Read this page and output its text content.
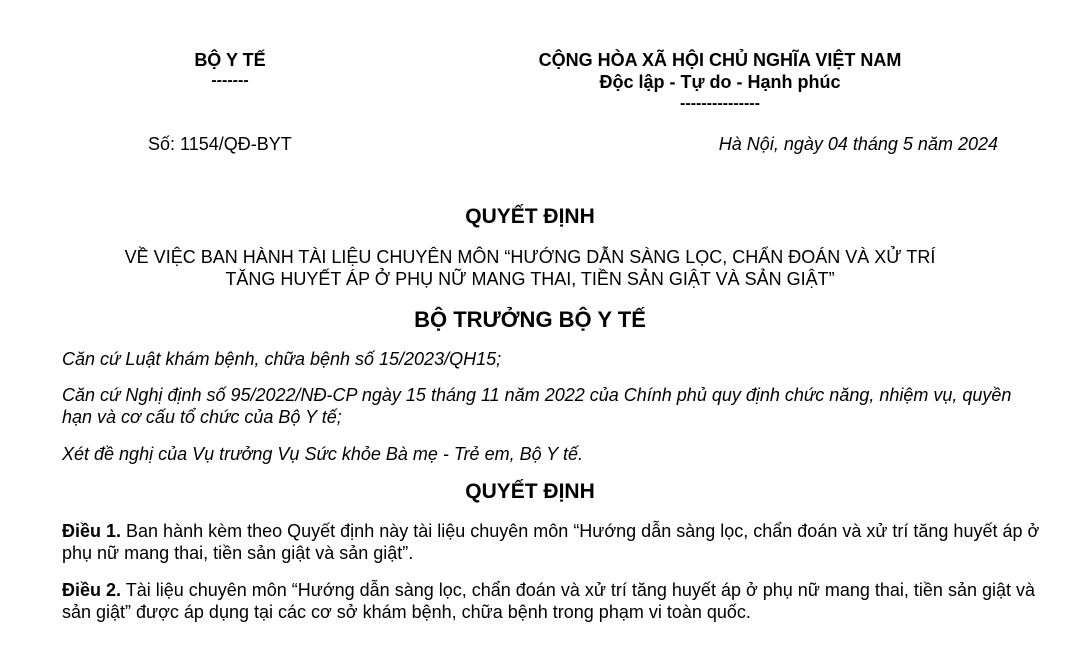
BỘ Y TẾ
-------
CỘNG HÒA XÃ HỘI CHỦ NGHĨA VIỆT NAM
Độc lập - Tự do - Hạnh phúc
---------------
Số: 1154/QĐ-BYT	Hà Nội, ngày 04 tháng 5 năm 2024
QUYẾT ĐỊNH
VỀ VIỆC BAN HÀNH TÀI LIỆU CHUYÊN MÔN “HƯỚNG DẪN SÀNG LỌC, CHẨN ĐOÁN VÀ XỬ TRÍ
TĂNG HUYẾT ÁP Ở PHỤ NỮ MANG THAI, TIỀN SẢN GIẬT VÀ SẢN GIẬT”
BỘ TRƯỞNG BỘ Y TẾ
Căn cứ Luật khám bệnh, chữa bệnh số 15/2023/QH15;
Căn cứ Nghị định số 95/2022/NĐ-CP ngày 15 tháng 11 năm 2022 của Chính phủ quy định chức năng, nhiệm vụ, quyền hạn và cơ cấu tổ chức của Bộ Y tế;
Xét đề nghị của Vụ trưởng Vụ Sức khỏe Bà mẹ - Trẻ em, Bộ Y tế.
QUYẾT ĐỊNH
Điều 1. Ban hành kèm theo Quyết định này tài liệu chuyên môn “Hướng dẫn sàng lọc, chẩn đoán và xử trí tăng huyết áp ở phụ nữ mang thai, tiền sản giật và sản giật”.
Điều 2. Tài liệu chuyên môn “Hướng dẫn sàng lọc, chẩn đoán và xử trí tăng huyết áp ở phụ nữ mang thai, tiền sản giật và sản giật” được áp dụng tại các cơ sở khám bệnh, chữa bệnh trong phạm vi toàn quốc.
